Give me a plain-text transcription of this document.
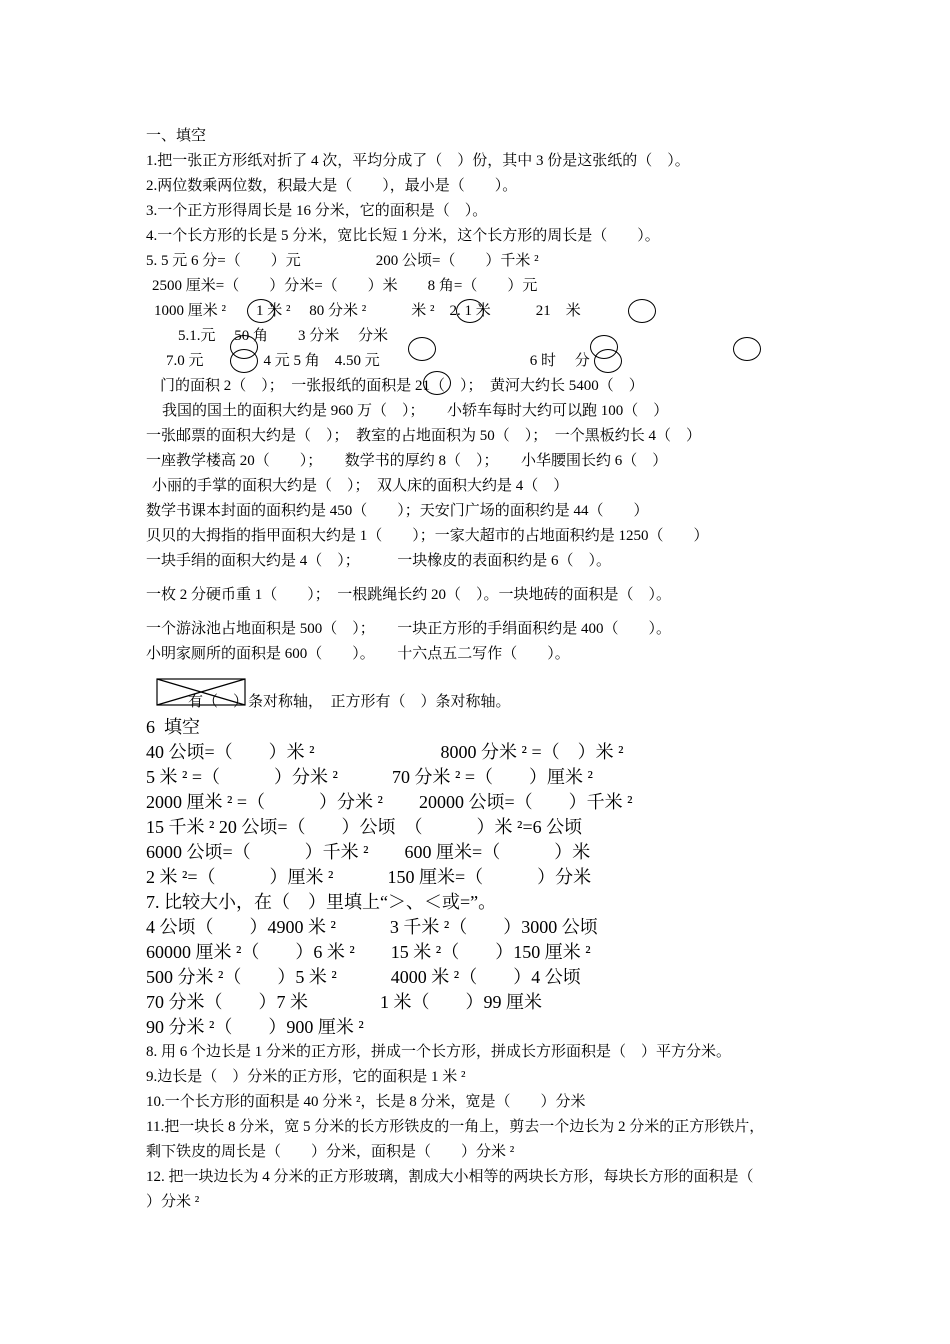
一、填空
1.把一张正方形纸对折了 4 次，平均分成了（　）份，其中 3 份是这张纸的（　）。
2.两位数乘两位数，积最大是（　　），最小是（　　）。
3.一个正方形得周长是 16 分米，它的面积是（　）。
4.一个长方形的长是 5 分米，宽比长短 1 分米，这个长方形的周长是（　　）。
5. 5 元 6 分=（　　）元　　　　　200 公顷=（　　）千米 ²
2500 厘米=（　　）分米=（　　）米　　8 角=（　　）元
1000 厘米 ²　　1 米 ²　 80 分米 ²　　　米 ²　2. 1 米　　　21　米
5.1.元　 50 角　　3 分米　 分米
7.0 元　　　　4 元 5 角　4.50 元　　　　　　　　　　6 时　 分
门的面积 2（　）；　一张报纸的面积是 21（　）；　黄河大约长 5400（　）
我国的国土的面积大约是 960 万（　）；　　小轿车每时大约可以跑 100（　）
一张邮票的面积大约是（　）；　教室的占地面积为 50（　）；　一个黑板约长 4（　）
一座教学楼高 20（　　）；　　数学书的厚约 8（　）；　　小华腰围长约 6（　）
小丽的手掌的面积大约是（　）；　双人床的面积大约是 4（　）
数学书课本封面的面积约是 450（　　）；天安门广场的面积约是 44（　　）
贝贝的大拇指的指甲面积大约是 1（　　）；一家大超市的占地面积约是 1250（　　）
一块手绢的面积大约是 4（　）；　　　一块橡皮的表面积约是 6（　）。
一枚 2 分硬币重 1（　　）；　一根跳绳长约 20（　）。一块地砖的面积是（　）。
一个游泳池占地面积是 500（　）；　　一块正方形的手绢面积约是 400（　　）。
小明家厕所的面积是 600（　　）。　　十六点五二写作（　　）。
有（　）条对称轴，  正方形有（　）条对称轴。
6  填空
40 公顷=（　　）米 ²　　　　　　　8000 分米 ² =（　）米 ²
5 米 ² =（　　　）分米 ²　　　70 分米 ² =（　　）厘米 ²
2000 厘米 ² =（　　　）分米 ²　　20000 公顷=（　　）千米 ²
15 千米 ² 20 公顷=（　　）公顷　（　　　）米 ²=6 公顷
6000 公顷=（　　　）千米 ²　　600 厘米=（　　　）米
2 米 ²=（　　　）厘米 ²　　　150 厘米=（　　　）分米
7. 比较大小，在（　）里填上“＞、＜或=”。
4 公顷（　　）4900 米 ²　　　3 千米 ²（　　）3000 公顷
60000 厘米 ²（　　）6 米 ²　　15 米 ²（　　）150 厘米 ²
500 分米 ²（　　）5 米 ²　　　4000 米 ²（　　）4 公顷
70 分米（　　）7 米　　　　1 米（　　）99 厘米
90 分米 ²（　　）900 厘米 ²
8. 用 6 个边长是 1 分米的正方形，拼成一个长方形，拼成长方形面积是（　）平方分米。
9.边长是（　）分米的正方形，它的面积是 1 米 ²
10.一个长方形的面积是 40 分米 ²，长是 8 分米，宽是（　　）分米
11.把一块长 8 分米，宽 5 分米的长方形铁皮的一角上，剪去一个边长为 2 分米的正方形铁片，
剩下铁皮的周长是（　　）分米，面积是（　　）分米 ²
12. 把一块边长为 4 分米的正方形玻璃，割成大小相等的两块长方形，每块长方形的面积是（
）分米 ²
